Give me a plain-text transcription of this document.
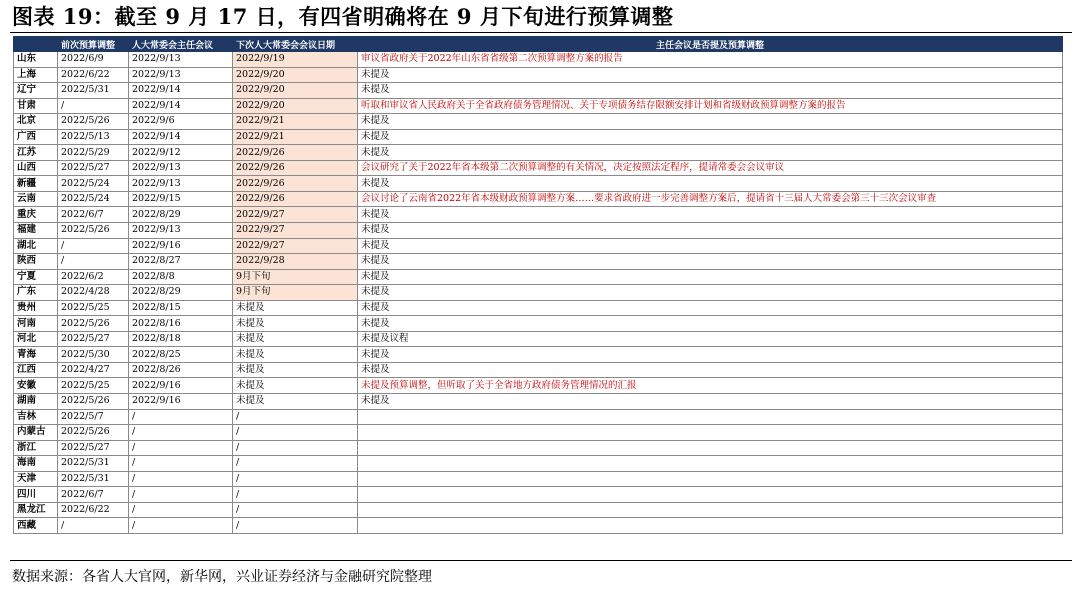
图表 19：截至 9 月 17 日，有四省明确将在 9 月下旬进行预算调整
	前次预算调整	人大常委会主任会议	下次人大常委会会议日期	主任会议是否提及预算调整
山东	2022/6/9	2022/9/13	2022/9/19	审议省政府关于2022年山东省省级第二次预算调整方案的报告
上海	2022/6/22	2022/9/13	2022/9/20	未提及
辽宁	2022/5/31	2022/9/14	2022/9/20	未提及
甘肃	/	2022/9/14	2022/9/20	听取和审议省人民政府关于全省政府债务管理情况、关于专项债务结存限额安排计划和省级财政预算调整方案的报告
北京	2022/5/26	2022/9/6	2022/9/21	未提及
广西	2022/5/13	2022/9/14	2022/9/21	未提及
江苏	2022/5/29	2022/9/12	2022/9/26	未提及
山西	2022/5/27	2022/9/13	2022/9/26	会议研究了关于2022年省本级第二次预算调整的有关情况，决定按照法定程序，提请常委会会议审议
新疆	2022/5/24	2022/9/13	2022/9/26	未提及
云南	2022/5/24	2022/9/15	2022/9/26	会议讨论了云南省2022年省本级财政预算调整方案……要求省政府进一步完善调整方案后，提请省十三届人大常委会第三十三次会议审查
重庆	2022/6/7	2022/8/29	2022/9/27	未提及
福建	2022/5/26	2022/9/13	2022/9/27	未提及
湖北	/	2022/9/16	2022/9/27	未提及
陕西	/	2022/8/27	2022/9/28	未提及
宁夏	2022/6/2	2022/8/8	9月下旬	未提及
广东	2022/4/28	2022/8/29	9月下旬	未提及
贵州	2022/5/25	2022/8/15	未提及	未提及
河南	2022/5/26	2022/8/16	未提及	未提及
河北	2022/5/27	2022/8/18	未提及	未提及议程
青海	2022/5/30	2022/8/25	未提及	未提及
江西	2022/4/27	2022/8/26	未提及	未提及
安徽	2022/5/25	2022/9/16	未提及	未提及预算调整，但听取了关于全省地方政府债务管理情况的汇报
湖南	2022/5/26	2022/9/16	未提及	未提及
吉林	2022/5/7	/	/	
内蒙古	2022/5/26	/	/	
浙江	2022/5/27	/	/	
海南	2022/5/31	/	/	
天津	2022/5/31	/	/	
四川	2022/6/7	/	/	
黑龙江	2022/6/22	/	/	
西藏	/	/	/	
数据来源：各省人大官网，新华网，兴业证券经济与金融研究院整理
